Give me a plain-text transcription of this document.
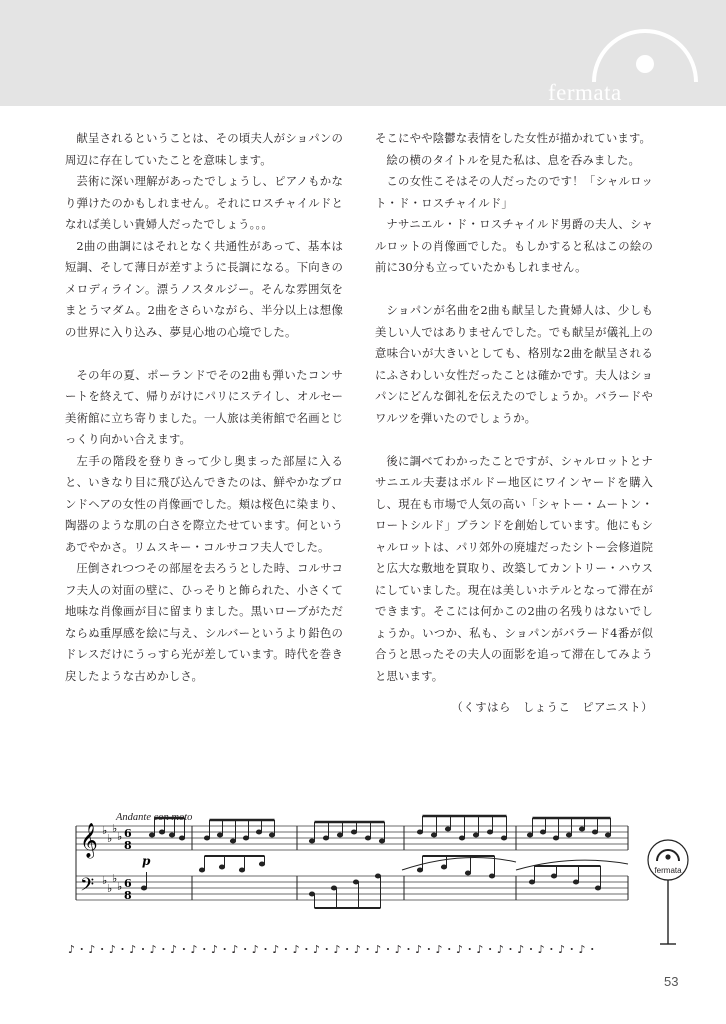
fermata
献呈されるということは、その頃夫人がショパンの周辺に存在していたことを意味します。
芸術に深い理解があったでしょうし、ピアノもかなり弾けたのかもしれません。それにロスチャイルドとなれば美しい貴婦人だったでしょう。。。
2曲の曲調にはそれとなく共通性があって、基本は短調、そして薄日が差すように長調になる。下向きのメロディライン。漂うノスタルジー。そんな雰囲気をまとうマダム。2曲をさらいながら、半分以上は想像の世界に入り込み、夢見心地の心境でした。
その年の夏、ポーランドでその2曲も弾いたコンサートを終えて、帰りがけにパリにステイし、オルセー美術館に立ち寄りました。一人旅は美術館で名画とじっくり向かい合えます。
左手の階段を登りきって少し奥まった部屋に入ると、いきなり目に飛び込んできたのは、鮮やかなブロンドヘアの女性の肖像画でした。頬は桜色に染まり、陶器のような肌の白さを際立たせています。何というあでやかさ。リムスキー・コルサコフ夫人でした。
圧倒されつつその部屋を去ろうとした時、コルサコフ夫人の対面の壁に、ひっそりと飾られた、小さくて地味な肖像画が目に留まりました。黒いローブがただならぬ重厚感を絵に与え、シルバーというより鉛色のドレスだけにうっすら光が差しています。時代を巻き戻したような古めかしさ。
そこにやや陰鬱な表情をした女性が描かれています。
絵の横のタイトルを見た私は、息を呑みました。
この女性こそはその人だったのです！「シャルロット・ド・ロスチャイルド」
ナサニエル・ド・ロスチャイルド男爵の夫人、シャルロットの肖像画でした。もしかすると私はこの絵の前に30分も立っていたかもしれません。
ショパンが名曲を2曲も献呈した貴婦人は、少しも美しい人ではありませんでした。でも献呈が儀礼上の意味合いが大きいとしても、格別な2曲を献呈されるにふさわしい女性だったことは確かです。夫人はショパンにどんな御礼を伝えたのでしょうか。バラードやワルツを弾いたのでしょうか。
後に調べてわかったことですが、シャルロットとナサニエル夫妻はボルドー地区にワインヤードを購入し、現在も市場で人気の高い「シャトー・ムートン・ロートシルド」ブランドを創始しています。他にもシャルロットは、パリ郊外の廃墟だったシトー会修道院と広大な敷地を買取り、改築してカントリー・ハウスにしていました。現在は美しいホテルとなって滞在ができます。そこには何かこの2曲の名残りはないでしょうか。いつか、私も、ショパンがバラード4番が似合うと思ったその夫人の面影を追って滞在してみようと思います。
（くすはら　しょうこ　ピアニスト）
𝄞
𝄢
♭
♭
♭
♭
♭
♭
♭
♭
6
8
6
8
p
Andante con moto
fermata
♪・♪・♪・♪・♪・♪・♪・♪・♪・♪・♪・♪・♪・♪・♪・♪・♪・♪・♪・♪・♪・♪・♪・♪・♪・♪・
53
